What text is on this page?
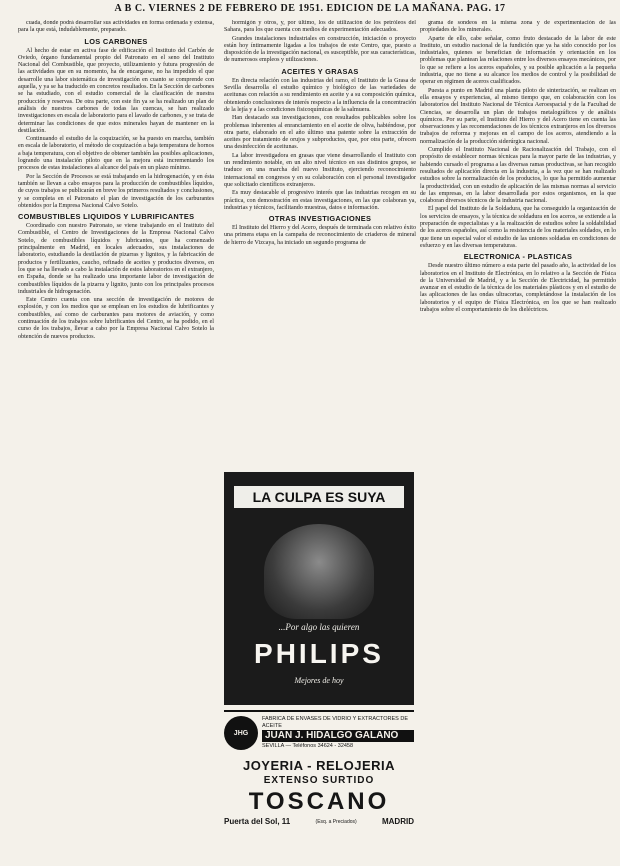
A B C. VIERNES 2 DE FEBRERO DE 1951. EDICION DE LA MAÑANA. PAG. 17

cuada, donde podrá desarrollar sus actividades en forma ordenada y extensa, para la que está, indudablemente, preparado.

LOS CARBONES

Al hecho de estar en activa fase de edificación el Instituto del Carbón de Oviedo, órgano fundamental propio del Patronato en el seno del Instituto Nacional del Combustible, que proyecto, utilizamiento y futura progresión de las actividades que en su momento, ha de encargarse, no ha impedido el que desarrolle una labor sistemática de investigación en cuanto se comprende con aquella, y ya se ha traducido en concretos resultados. En la Sección de carbones se ha estudiado, con el estudio comercial de la clasificación de nuestra producción y reservas. De otra parte, con este fin ya se ha realizado un plan de análisis de nuestros carbones de todas las cuencas, se han realizado investigaciones en escala de laboratorio para el lavado de carbones, y se trata de determinar las condiciones de que estos minerales hayan de mantener en la destilación.

Continuando el estudio de la coquización, se ha puesto en marcha, también en escala de laboratorio, el método de coquización a baja temperatura de hornos a baja temperatura, con el objetivo de obtener también las posibles aplicaciones, logrando una instalación piloto que en la mejora está incrementando los procesos de estas instalaciones al alcance del país en un plazo mínimo.

Por la Sección de Procesos se está trabajando en la hidrogenación, y en ésta también se llevan a cabo ensayos para la producción de combustibles líquidos, de cuyos trabajos se publicarán en breve los primeros resultados y conclusiones, y se completa en el Patronato el plan de investigación de los carburantes obtenidos por la Empresa Nacional Calvo Sotelo.

COMBUSTIBLES LIQUIDOS Y LUBRIFICANTES

Coordinado con nuestro Patronato, se viene trabajando en el Instituto del Combustible, el Centro de Investigaciones de la Empresa Nacional Calvo Sotelo, de combustibles líquidos y lubricantes, que ha comenzado principalmente en Madrid, en locales adecuados, sus instalaciones de laboratorio, estudiando la destilación de pizarras y lignitos, y la fabricación de productos y fertilizantes, caucho, refinado de aceites y productos diversos, en los que se ha llevado a cabo la instalación de estos laboratorios en el extranjero, en España, donde se ha realizado una importante labor de investigación de combustibles líquidos de la pizarra y lignito, junto con los principales procesos industriales de hidrogenación.

Este Centro cuenta con una sección de investigación de motores de explosión, y con los medios que se emplean en los estudios de lubrificantes y combustibles, así como de carburantes para motores de aviación, y como continuación de los trabajos sobre lubrificantes del Centro, se ha podido, en el curso de los trabajos, llevar a cabo por la Empresa Nacional Calvo Sotelo la obtención de nuevos productos.

hormigón y otros, y, por último, los de utilización de los petróleos del Sahara, para los que cuenta con medios de experimentación adecuados.

Grandes instalaciones industriales en construcción, iniciación o proyecto están hoy íntimamente ligadas a los trabajos de este Centro, que, puesto a disposición de la investigación nacional, es susceptible, por sus características, de numerosos empleos y utilizaciones.

ACEITES Y GRASAS

En directa relación con las industrias del ramo, el Instituto de la Grasa de Sevilla desarrolla el estudio químico y biológico de las variedades de aceitunas con relación a su rendimiento en aceite y a su composición química, obteniendo conclusiones de interés respecto a la influencia de la concentración de la lejía y a las condiciones fisicoquímicas de la salmuera.

Han destacado sus investigaciones, con resultados publicables sobre los problemas inherentes al enranciamiento en el aceite de oliva, habiéndose, por otra parte, elaborado en el año último una patente sobre la extracción de aceites por tratamiento de orujos y subproductos, que, por otra parte, ofrecen una desinfección de aceitunas.

La labor investigadora en grasas que viene desarrollando el Instituto con un rendimiento notable, en un alto nivel técnico en sus distintos grupos, se traduce en una marcha del nuevo Instituto, ejerciendo reconocimiento internacional en congresos y en su colaboración con el personal investigador que solicitado científicos extranjeros.

Es muy destacable el progresivo interés que las industrias recogen en su práctica, con demostración en estas investigaciones, en las que colaboran ya, industrias y técnicos, facilitando muestras, datos e información.

OTRAS INVESTIGACIONES

El Instituto del Hierro y del Acero, después de terminada con relativo éxito una primera etapa en la campaña de reconocimiento de criaderos de mineral de hierro de Vizcaya, ha iniciado un segundo programa de

LA CULPA ES SUYA
...Por algo las quieren
PHILIPS
Mejores de hoy
JHG
FABRICA DE ENVASES DE VIDRIO Y EXTRACTORES DE ACEITE
JUAN J. HIDALGO GALANO
SEVILLA — Teléfonos 34624 - 32458
JOYERIA - RELOJERIA
EXTENSO SURTIDO
TOSCANO
Puerta del Sol, 11	(Esq. a Preciados)	MADRID

grama de sondeos en la misma zona y de experimentación de las propiedades de los minerales.

Aparte de ello, cabe señalar, como fruto destacado de la labor de este Instituto, un estudio nacional de la fundición que ya ha sido conocido por los industriales, quienes se benefician de información y orientación en los problemas que plantean las relaciones entre los diversos ensayos mecánicos, por lo que se refiere a los aceros españoles, y su posible aplicación a la pequeña industria, que no tiene a su alcance los medios de control y la posibilidad de operar en régimen de aceros cualificados.

Puesta a punto en Madrid una planta piloto de sinterización, se realizan en ella ensayos y experiencias, al mismo tiempo que, en colaboración con los laboratorios del Instituto Nacional de Técnica Aeroespacial y de la Facultad de Ciencias, se desarrolla un plan de trabajos metalográficos y de análisis químicos. Por su parte, el Instituto del Hierro y del Acero tiene en cuenta las observaciones y las recomendaciones de los técnicos extranjeros en los diversos trabajos de reforma y mejoras en el campo de los aceros, atendiendo a la normalización de la producción siderúrgica nacional.

Cumplido el Instituto Nacional de Racionalización del Trabajo, con el propósito de establecer normas técnicas para la mayor parte de las industrias, y habiendo cursado el programa a las diversas ramas productivas, se han recogido resultados de aplicación directa en la industria, a la vez que se han realizado estudios sobre la normalización de los productos, lo que ha permitido aumentar la productividad, con un estudio de aplicación de las mismas normas al servicio de las empresas, en la labor desarrollada por estos organismos, en la que colaboran diversos técnicos de la industria nacional.

El papel del Instituto de la Soldadura, que ha conseguido la organización de los servicios de ensayos, y la técnica de soldadura en los aceros, se extiende a la preparación de especialistas y a la realización de estudios sobre la soldabilidad de los aceros españoles, así como la resistencia de los materiales soldados, en lo que tiene un especial valor el estudio de las uniones soldadas en condiciones de esfuerzo y en las diversas temperaturas.

ELECTRONICA - PLASTICAS

Desde nuestro último número a esta parte del pasado año, la actividad de los laboratorios en el Instituto de Electrónica, en lo relativo a la Sección de Física de la Universidad de Madrid, y a la Sección de Electricidad, ha permitido avanzar en el estudio de la técnica de los materiales plásticos y en el estudio de las aplicaciones de las ondas ultracortas, completándose la instalación de los laboratorios y el equipo de Física Electrónica, en los que se han realizado trabajos sobre el comportamiento de los dieléctricos.
